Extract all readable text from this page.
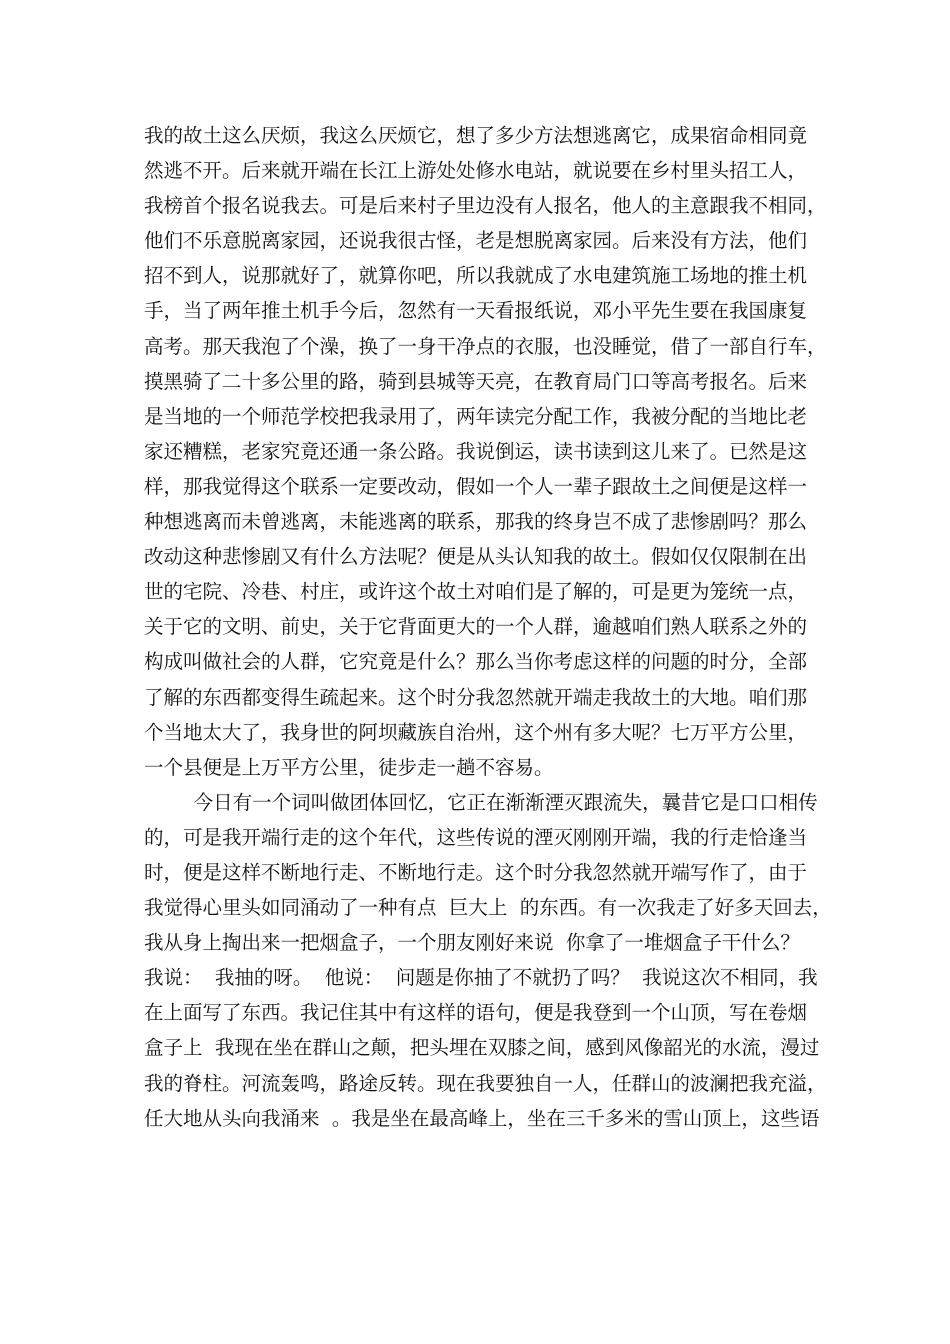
我的故土这么厌烦，我这么厌烦它，想了多少方法想逃离它，成果宿命相同竟
然逃不开。后来就开端在长江上游处处修水电站，就说要在乡村里头招工人，
我榜首个报名说我去。可是后来村子里边没有人报名，他人的主意跟我不相同，
他们不乐意脱离家园，还说我很古怪，老是想脱离家园。后来没有方法，他们
招不到人，说那就好了，就算你吧，所以我就成了水电建筑施工场地的推土机
手，当了两年推土机手今后，忽然有一天看报纸说，邓小平先生要在我国康复
高考。那天我泡了个澡，换了一身干净点的衣服，也没睡觉，借了一部自行车，
摸黑骑了二十多公里的路，骑到县城等天亮，在教育局门口等高考报名。后来
是当地的一个师范学校把我录用了，两年读完分配工作，我被分配的当地比老
家还糟糕，老家究竟还通一条公路。我说倒运，读书读到这儿来了。已然是这
样，那我觉得这个联系一定要改动，假如一个人一辈子跟故土之间便是这样一
种想逃离而未曾逃离，未能逃离的联系，那我的终身岂不成了悲惨剧吗？那么
改动这种悲惨剧又有什么方法呢？便是从头认知我的故土。假如仅仅限制在出
世的宅院、冷巷、村庄，或许这个故土对咱们是了解的，可是更为笼统一点，
关于它的文明、前史，关于它背面更大的一个人群，逾越咱们熟人联系之外的
构成叫做社会的人群，它究竟是什么？那么当你考虑这样的问题的时分，全部
了解的东西都变得生疏起来。这个时分我忽然就开端走我故土的大地。咱们那
个当地太大了，我身世的阿坝藏族自治州，这个州有多大呢？七万平方公里，
一个县便是上万平方公里，徒步走一趟不容易。
今日有一个词叫做团体回忆，它正在渐渐湮灭跟流失，曩昔它是口口相传
的，可是我开端行走的这个年代，这些传说的湮灭刚刚开端，我的行走恰逢当
时，便是这样不断地行走、不断地行走。这个时分我忽然就开端写作了，由于
我觉得心里头如同涌动了一种有点  巨大上  的东西。有一次我走了好多天回去，
我从身上掏出来一把烟盒子，一个朋友刚好来说  你拿了一堆烟盒子干什么？
我说：  我抽的呀。  他说：  问题是你抽了不就扔了吗？  我说这次不相同，我
在上面写了东西。我记住其中有这样的语句，便是我登到一个山顶，写在卷烟
盒子上  我现在坐在群山之颠，把头埋在双膝之间，感到风像韶光的水流，漫过
我的脊柱。河流轰鸣，路途反转。现在我要独自一人，任群山的波澜把我充溢，
任大地从头向我涌来  。我是坐在最高峰上，坐在三千多米的雪山顶上，这些语
